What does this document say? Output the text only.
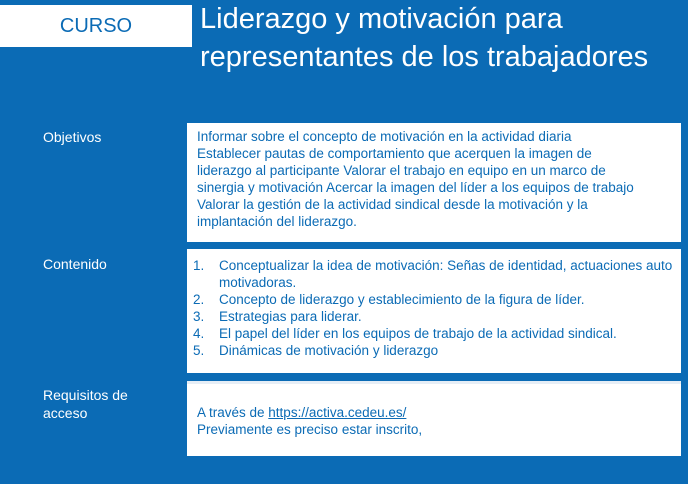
CURSO Liderazgo y motivación para representantes de los trabajadores
Objetivos	Informar sobre el concepto de motivación en la actividad diaria
Establecer pautas de comportamiento que acerquen la imagen de
liderazgo al participante Valorar el trabajo en equipo en un marco de
sinergia y motivación Acercar la imagen del líder a los equipos de trabajo
Valorar la gestión de la actividad sindical desde la motivación y la
implantación del liderazgo.
Contenido	1.	Conceptualizar la idea de motivación: Señas de identidad, actuaciones auto motivadoras.
2.	Concepto de liderazgo y establecimiento de la figura de líder.
3.	Estrategias para liderar.
4.	El papel del líder en los equipos de trabajo de la actividad sindical.
5.	Dinámicas de motivación y liderazgo
Requisitos de
acceso	A través de https://activa.cedeu.es/
Previamente es preciso estar inscrito,
